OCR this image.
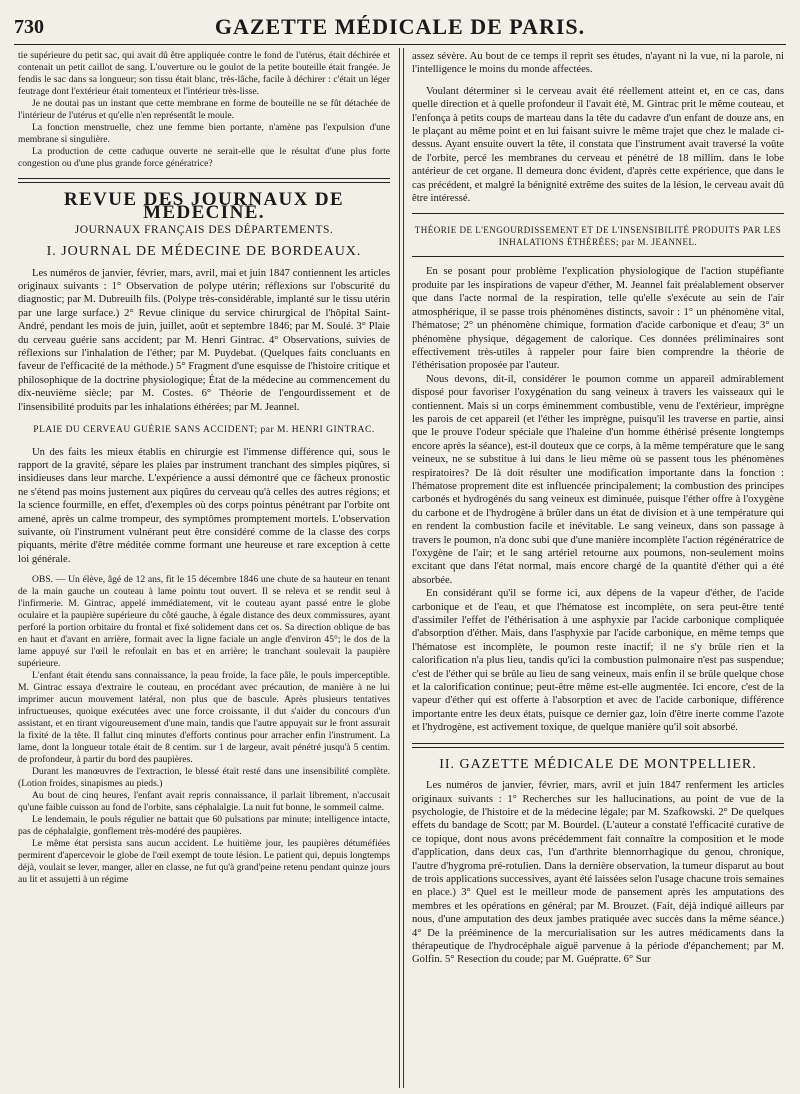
730	GAZETTE MÉDICALE DE PARIS.

tie supérieure du petit sac, qui avait dû être appliquée contre le fond de l'utérus, était déchirée et contenait un petit caillot de sang. L'ouverture ou le goulot de la petite bouteille était frangée. Je fendis le sac dans sa longueur; son tissu était blanc, très-lâche, facile à déchirer : c'était un léger feutrage dont l'extérieur était tomenteux et l'intérieur très-lisse.

Je ne doutai pas un instant que cette membrane en forme de bouteille ne se fût détachée de l'intérieur de l'utérus et qu'elle n'en représentât le moule.

La fonction menstruelle, chez une femme bien portante, n'amène pas l'expulsion d'une membrane si singulière.

La production de cette caduque ouverte ne serait-elle que le résultat d'une plus forte congestion ou d'une plus grande force génératrice?

REVUE DES JOURNAUX DE MÉDECINE.
JOURNAUX FRANÇAIS DES DÉPARTEMENTS.
I. JOURNAL DE MÉDECINE DE BORDEAUX.

Les numéros de janvier, février, mars, avril, mai et juin 1847 contiennent les articles originaux suivants : 1° Observation de polype utérin; réflexions sur l'obscurité du diagnostic; par M. Dubreuilh fils. (Polype très-considérable, implanté sur le tissu utérin par une large surface.) 2° Revue clinique du service chirurgical de l'hôpital Saint-André, pendant les mois de juin, juillet, août et septembre 1846; par M. Soulé. 3° Plaie du cerveau guérie sans accident; par M. Henri Gintrac. 4° Observations, suivies de réflexions sur l'inhalation de l'éther; par M. Puydebat. (Quelques faits concluants en faveur de l'efficacité de la méthode.) 5° Fragment d'une esquisse de l'histoire critique et philosophique de la doctrine physiologique; État de la médecine au commencement du dix-neuvième siècle; par M. Costes. 6° Théorie de l'engourdissement et de l'insensibilité produits par les inhalations éthérées; par M. Jeannel.

PLAIE DU CERVEAU GUÉRIE SANS ACCIDENT; par M. HENRI GINTRAC.

Un des faits les mieux établis en chirurgie est l'immense différence qui, sous le rapport de la gravité, sépare les plaies par instrument tranchant des simples piqûres, si insidieuses dans leur marche. L'expérience a aussi démontré que ce fâcheux pronostic ne s'étend pas moins justement aux piqûres du cerveau qu'à celles des autres régions; et la science fourmille, en effet, d'exemples où des corps pointus pénétrant par l'orbite ont amené, après un calme trompeur, des symptômes promptement mortels. L'observation suivante, où l'instrument vulnérant peut être considéré comme de la classe des corps piquants, mérite d'être méditée comme formant une heureuse et rare exception à cette loi générale.

OBS. — Un élève, âgé de 12 ans, fit le 15 décembre 1846 une chute de sa hauteur en tenant de la main gauche un couteau à lame pointu tout ouvert. Il se releva et se rendit seul à l'infirmerie. M. Gintrac, appelé immédiatement, vit le couteau ayant passé entre le globe oculaire et la paupière supérieure du côté gauche, à égale distance des deux commissures, ayant perforé la portion orbitaire du frontal et fixé solidement dans cet os. Sa direction oblique de bas en haut et d'avant en arrière, formait avec la ligne faciale un angle d'environ 45°; le dos de la lame appuyé sur l'œil le refoulait en bas et en arrière; le tranchant soulevait la paupière supérieure.

L'enfant était étendu sans connaissance, la peau froide, la face pâle, le pouls imperceptible. M. Gintrac essaya d'extraire le couteau, en procédant avec précaution, de manière à ne lui imprimer aucun mouvement latéral, non plus que de bascule. Après plusieurs tentatives infructueuses, quoique exécutées avec une force croissante, il dut s'aider du concours d'un assistant, et en tirant vigoureusement d'une main, tandis que l'autre appuyait sur le front assurait la fixité de la tête. Il fallut cinq minutes d'efforts continus pour arracher enfin l'instrument. La lame, dont la longueur totale était de 8 centim. sur 1 de largeur, avait pénétré jusqu'à 5 centim. de profondeur, à partir du bord des paupières.

Durant les manœuvres de l'extraction, le blessé était resté dans une insensibilité complète. (Lotion froides, sinapismes au pieds.)

Au bout de cinq heures, l'enfant avait repris connaissance, il parlait librement, n'accusait qu'une faible cuisson au fond de l'orbite, sans céphalalgie. La nuit fut bonne, le sommeil calme.

Le lendemain, le pouls régulier ne battait que 60 pulsations par minute; intelligence intacte, pas de céphalalgie, gonflement très-modéré des paupières.

Le même état persista sans aucun accident. Le huitième jour, les paupières détuméfiées permirent d'apercevoir le globe de l'œil exempt de toute lésion. Le patient qui, depuis longtemps déjà, voulait se lever, manger, aller en classe, ne fut qu'à grand'peine retenu pendant quinze jours au lit et assujetti à un régime

assez sévère. Au bout de ce temps il reprit ses études, n'ayant ni la vue, ni la parole, ni l'intelligence le moins du monde affectées.

Voulant déterminer si le cerveau avait été réellement atteint et, en ce cas, dans quelle direction et à quelle profondeur il l'avait été, M. Gintrac prit le même couteau, et l'enfonça à petits coups de marteau dans la tête du cadavre d'un enfant de douze ans, en le plaçant au même point et en lui faisant suivre le même trajet que chez le malade ci-dessus. Ayant ensuite ouvert la tête, il constata que l'instrument avait traversé la voûte de l'orbite, percé les membranes du cerveau et pénétré de 18 millim. dans le lobe antérieur de cet organe. Il demeura donc évident, d'après cette expérience, que dans le cas précédent, et malgré la bénignité extrême des suites de la lésion, le cerveau avait dû être intéressé.

THÉORIE DE L'ENGOURDISSEMENT ET DE L'INSENSIBILITÉ PRODUITS PAR LES INHALATIONS ÉTHÉRÉES; par M. JEANNEL.

En se posant pour problème l'explication physiologique de l'action stupéfiante produite par les inspirations de vapeur d'éther, M. Jeannel fait préalablement observer que dans l'acte normal de la respiration, telle qu'elle s'exécute au sein de l'air atmosphérique, il se passe trois phénomènes distincts, savoir : 1° un phénomène vital, l'hématose; 2° un phénomène chimique, formation d'acide carbonique et d'eau; 3° un phénomène physique, dégagement de calorique. Ces données préliminaires sont effectivement très-utiles à rappeler pour faire bien comprendre la théorie de l'éthérisation proposée par l'auteur.

Nous devons, dit-il, considérer le poumon comme un appareil admirablement disposé pour favoriser l'oxygénation du sang veineux à travers les vaisseaux qui le contiennent. Mais si un corps éminemment combustible, venu de l'extérieur, imprègne les parois de cet appareil (et l'éther les imprègne, puisqu'il les traverse en partie, ainsi que le prouve l'odeur spéciale que l'haleine d'un homme éthérisé présente longtemps encore après la séance), est-il douteux que ce corps, à la même température que le sang veineux, ne se substitue à lui dans le lieu même où se passent tous les phénomènes respiratoires? De là doit résulter une modification importante dans la fonction : l'hématose proprement dite est influencée principalement; la combustion des principes carbonés et hydrogénés du sang veineux est diminuée, puisque l'éther offre à l'oxygène du carbone et de l'hydrogène à brûler dans un état de division et à une température qui en rendent la combustion facile et inévitable. Le sang veineux, dans son passage à travers le poumon, n'a donc subi que d'une manière incomplète l'action régénératrice de l'oxygène de l'air; et le sang artériel retourne aux poumons, non-seulement moins excitant que dans l'état normal, mais encore chargé de la quantité d'éther qui a été absorbée.

En considérant qu'il se forme ici, aux dépens de la vapeur d'éther, de l'acide carbonique et de l'eau, et que l'hématose est incomplète, on sera peut-être tenté d'assimiler l'effet de l'éthérisation à une asphyxie par l'acide carbonique compliquée d'absorption d'éther. Mais, dans l'asphyxie par l'acide carbonique, en même temps que l'hématose est incomplète, le poumon reste inactif; il ne s'y brûle rien et la calorification n'a plus lieu, tandis qu'ici la combustion pulmonaire n'est pas suspendue; c'est de l'éther qui se brûle au lieu de sang veineux, mais enfin il se brûle quelque chose et la calorification continue; peut-être même est-elle augmentée. Ici encore, c'est de la vapeur d'éther qui est offerte à l'absorption et avec de l'acide carbonique, différence importante entre les deux états, puisque ce dernier gaz, loin d'être inerte comme l'azote et l'hydrogène, est activement toxique, de quelque manière qu'il soit absorbé.

II. GAZETTE MÉDICALE DE MONTPELLIER.

Les numéros de janvier, février, mars, avril et juin 1847 renferment les articles originaux suivants : 1° Recherches sur les hallucinations, au point de vue de la psychologie, de l'histoire et de la médecine légale; par M. Szafkowski. 2° De quelques effets du bandage de Scott; par M. Bourdel. (L'auteur a constaté l'efficacité curative de ce topique, dont nous avons précédemment fait connaître la composition et le mode d'application, dans deux cas, l'un d'arthrite blennorrhagique du genou, chronique, l'autre d'hygroma pré-rotulien. Dans la dernière observation, la tumeur disparut au bout de trois applications successives, ayant été laissées selon l'usage chacune trois semaines en place.) 3° Quel est le meilleur mode de pansement après les amputations des membres et les opérations en général; par M. Brouzet. (Fait, déjà indiqué ailleurs par nous, d'une amputation des deux jambes pratiquée avec succès dans la même séance.) 4° De la prééminence de la mercurialisation sur les autres médicaments dans la thérapeutique de l'hydrocéphale aiguë parvenue à la période d'épanchement; par M. Golfin. 5° Resection du coude; par M. Guépratte. 6° Sur
